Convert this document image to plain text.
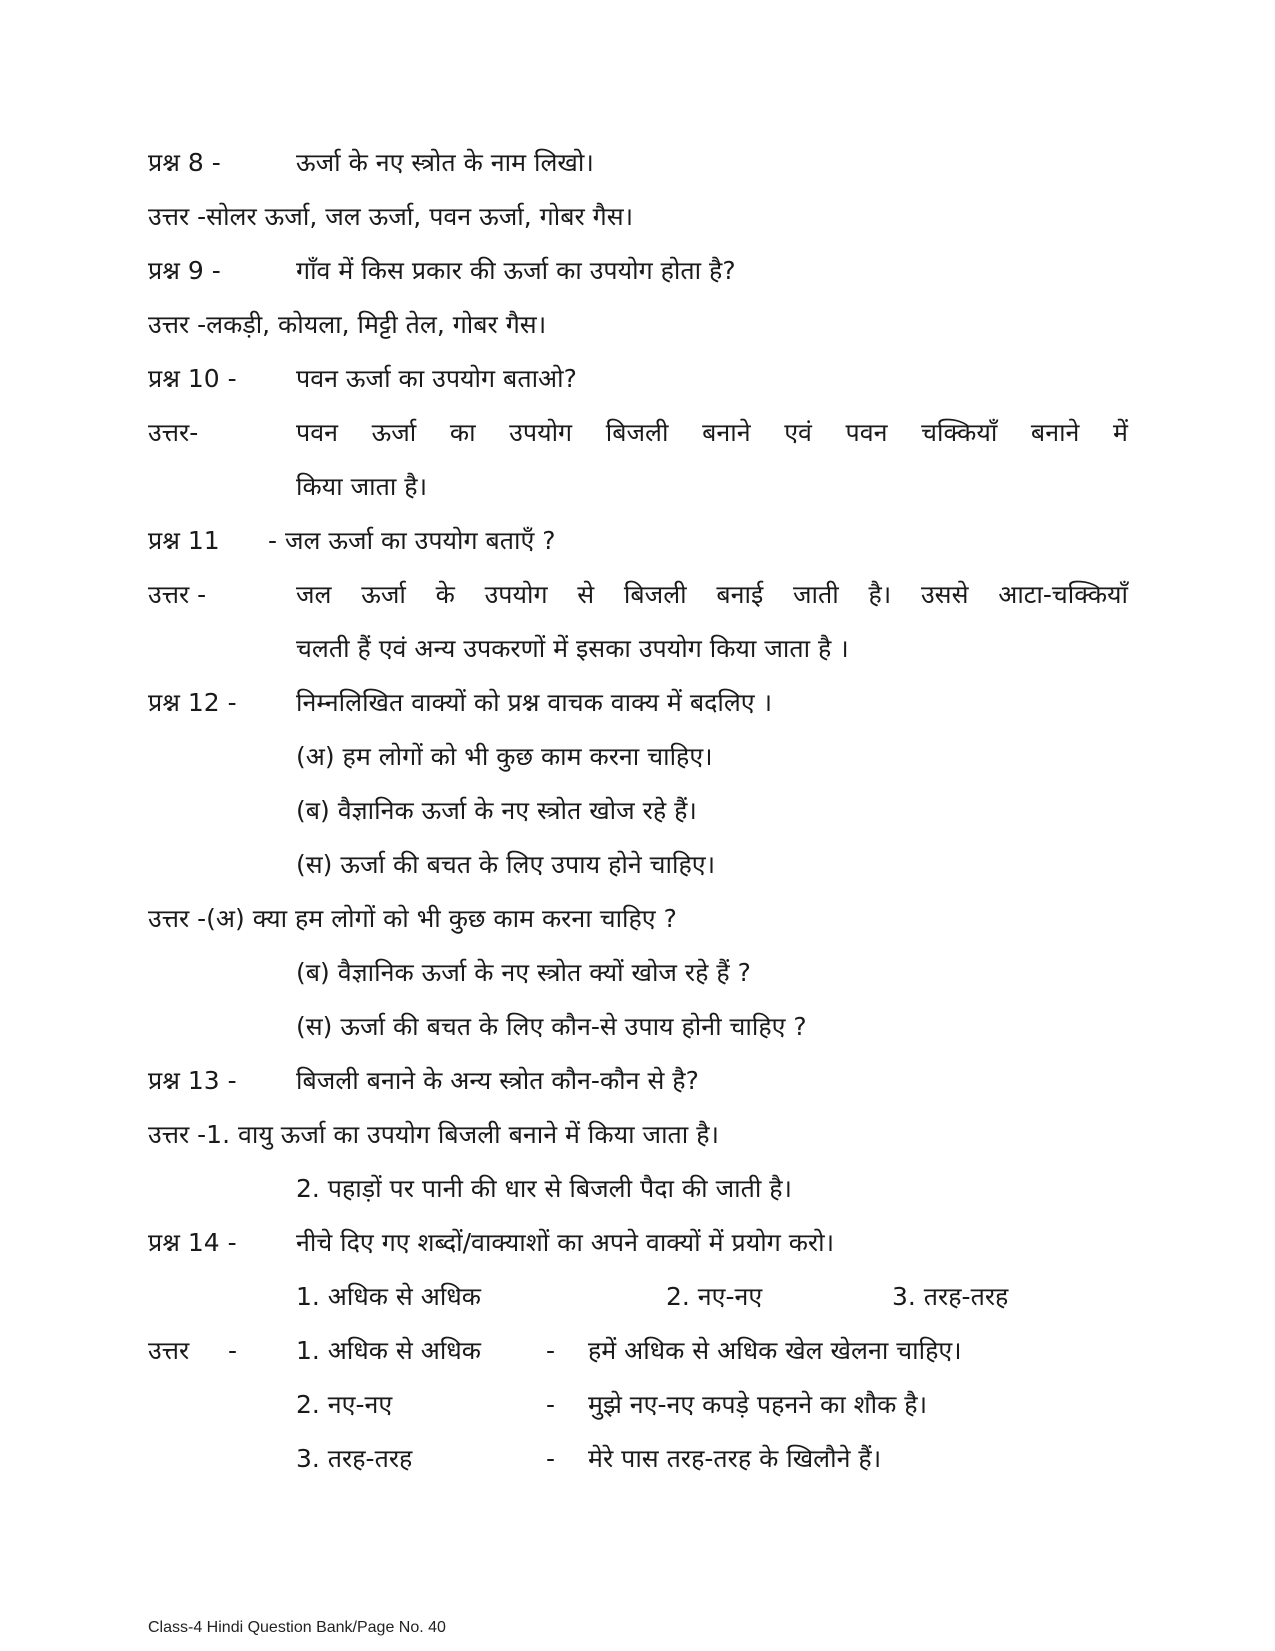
प्रश्न 8 -	ऊर्जा के नए स्त्रोत के नाम लिखो।
उत्तर -सोलर ऊर्जा, जल ऊर्जा, पवन ऊर्जा, गोबर गैस।
प्रश्न 9 -	गाँव में किस प्रकार की ऊर्जा का उपयोग होता है?
उत्तर -लकड़ी, कोयला, मिट्टी तेल, गोबर गैस।
प्रश्न 10 - पवन ऊर्जा का उपयोग बताओ?
उत्तर-	पवन ऊर्जा का उपयोग बिजली बनाने एवं पवन चक्कियाँ बनाने में
किया जाता है।
प्रश्न 11 - जल ऊर्जा का उपयोग बताएँ ?
उत्तर -	जल ऊर्जा के उपयोग से बिजली बनाई जाती है। उससे आटा-चक्कियाँ
चलती हैं एवं अन्य उपकरणों में इसका उपयोग किया जाता है ।
प्रश्न 12 - निम्नलिखित वाक्यों को प्रश्न वाचक वाक्य में बदलिए ।
(अ) हम लोगों को भी कुछ काम करना चाहिए।
(ब) वैज्ञानिक ऊर्जा के नए स्त्रोत खोज रहे हैं।
(स) ऊर्जा की बचत के लिए उपाय होने चाहिए।
उत्तर -(अ) क्या हम लोगों को भी कुछ काम करना चाहिए ?
(ब) वैज्ञानिक ऊर्जा के नए स्त्रोत क्यों खोज रहे हैं ?
(स) ऊर्जा की बचत के लिए कौन-से उपाय होनी चाहिए ?
प्रश्न 13 - बिजली बनाने के अन्य स्त्रोत कौन-कौन से है?
उत्तर -1. वायु ऊर्जा का उपयोग बिजली बनाने में किया जाता है।
2. पहाड़ों पर पानी की धार से बिजली पैदा की जाती है।
प्रश्न 14 - नीचे दिए गए शब्दों/वाक्याशों का अपने वाक्यों में प्रयोग करो।
1. अधिक से अधिक	2. नए-नए	3. तरह-तरह
उत्तर - 1. अधिक से अधिक	- हमें अधिक से अधिक खेल खेलना चाहिए।
2. नए-नए	- मुझे नए-नए कपड़े पहनने का शौक है।
3. तरह-तरह	- मेरे पास तरह-तरह के खिलौने हैं।
Class-4 Hindi Question Bank/Page No. 40
